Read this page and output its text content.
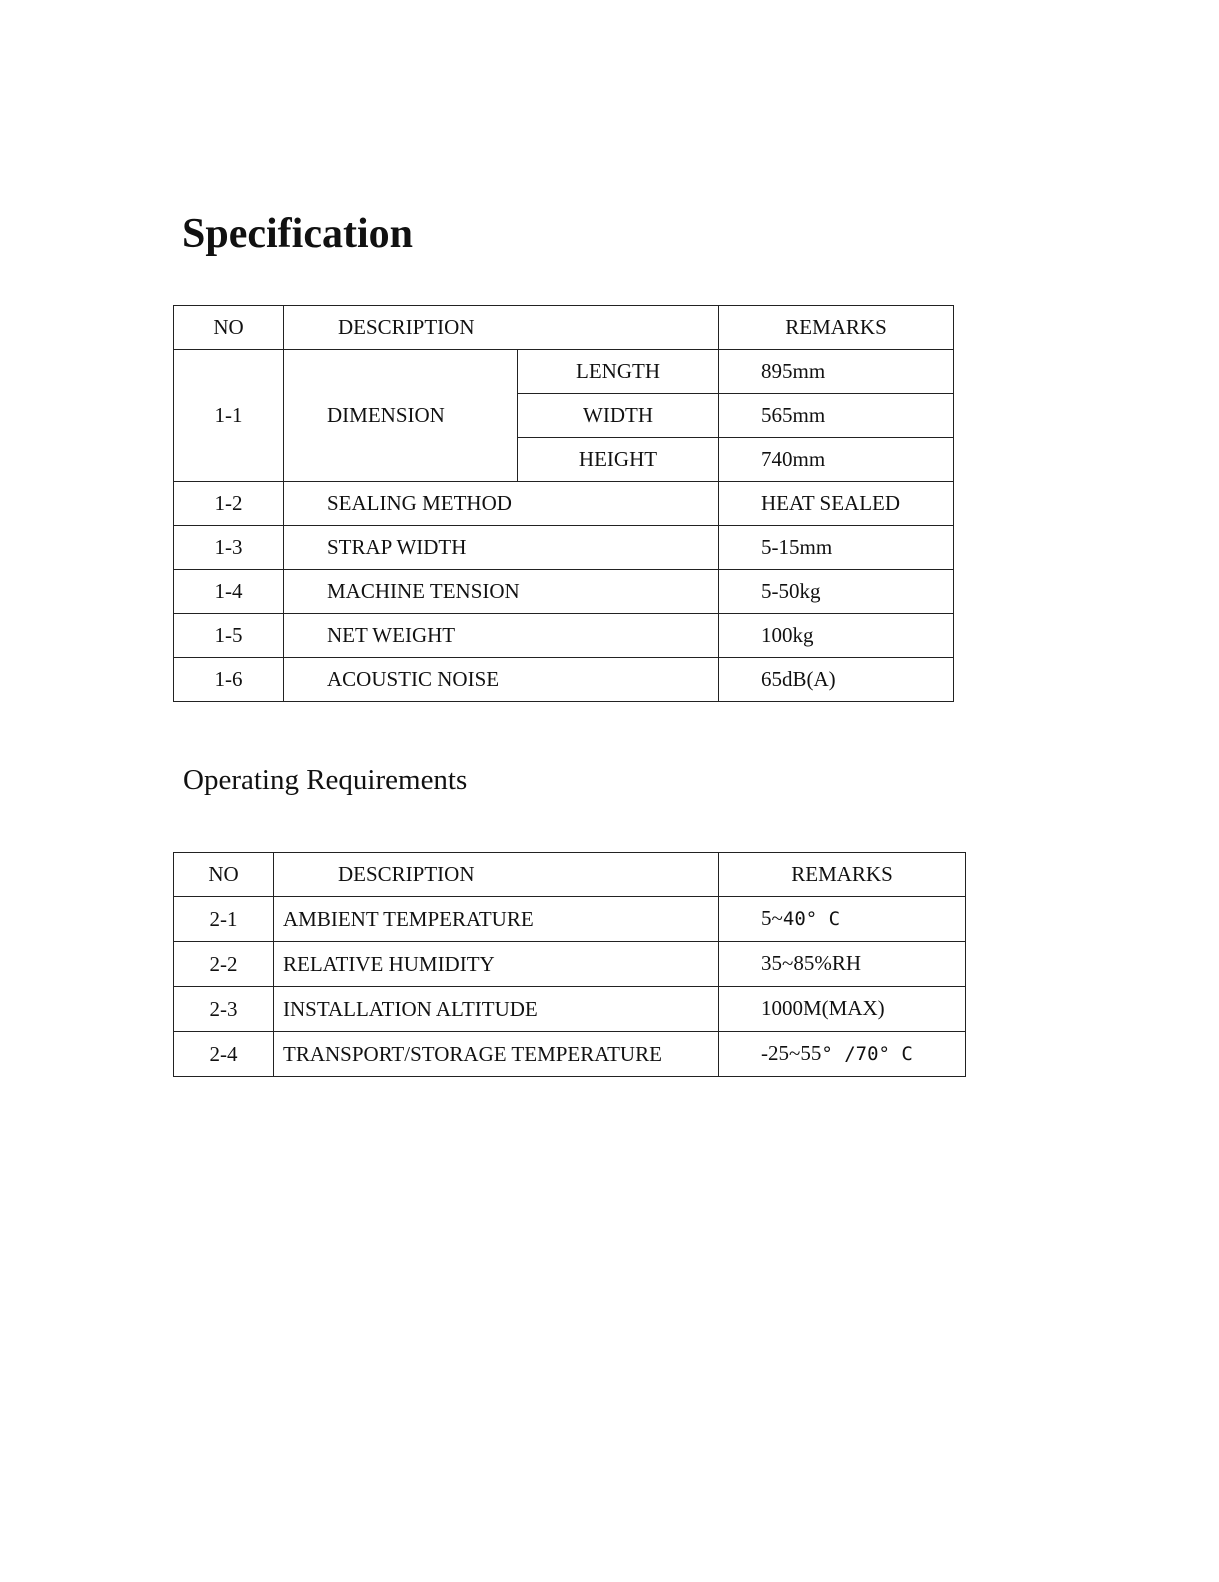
Specification
NO	DESCRIPTION		REMARKS
1-1	DIMENSION	LENGTH	895mm
		WIDTH	565mm
		HEIGHT	740mm
1-2	SEALING METHOD		HEAT SEALED
1-3	STRAP WIDTH		5-15mm
1-4	MACHINE TENSION		5-50kg
1-5	NET WEIGHT		100kg
1-6	ACOUSTIC NOISE		65dB(A)
Operating Requirements
NO	DESCRIPTION	REMARKS
2-1	AMBIENT TEMPERATURE	5~40° C
2-2	RELATIVE HUMIDITY	35~85%RH
2-3	INSTALLATION ALTITUDE	1000M(MAX)
2-4	TRANSPORT/STORAGE TEMPERATURE	-25~55° /70° C
